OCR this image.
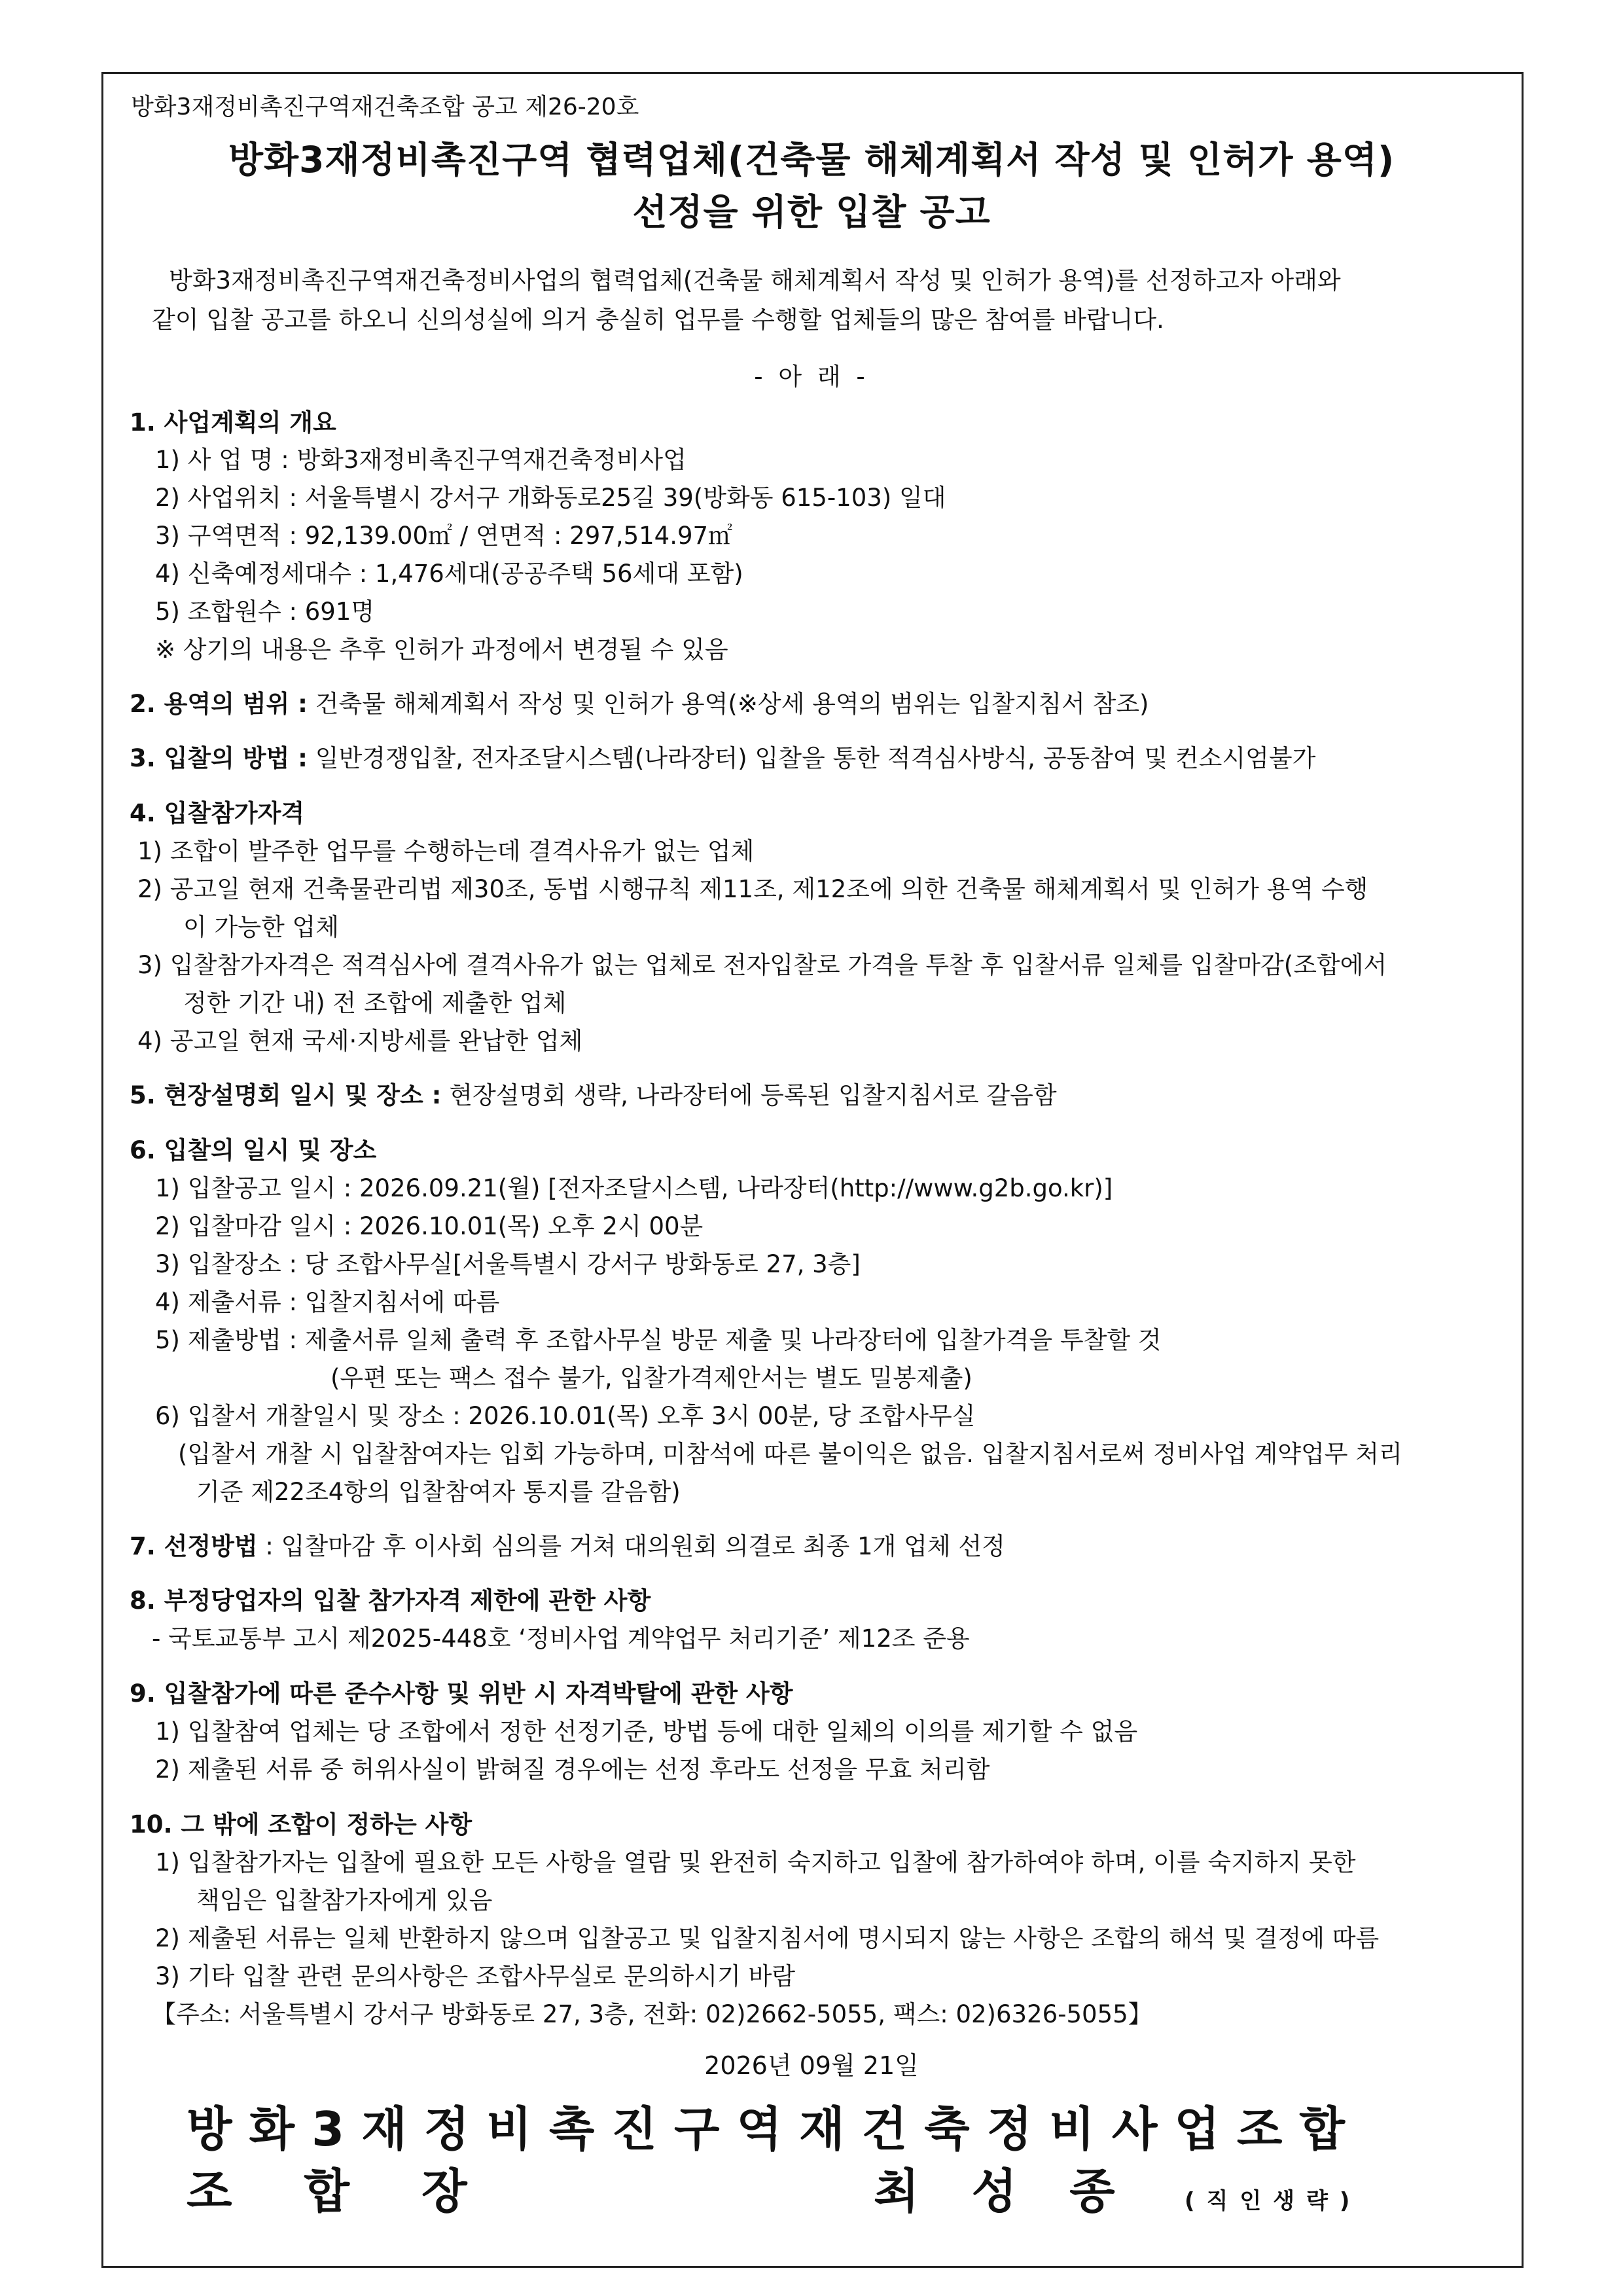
방화3재정비촉진구역재건축조합 공고 제26-20호
방화3재정비촉진구역 협력업체(건축물 해체계획서 작성 및 인허가 용역)
선정을 위한 입찰 공고
방화3재정비촉진구역재건축정비사업의 협력업체(건축물 해체계획서 작성 및 인허가 용역)를 선정하고자 아래와
같이 입찰 공고를 하오니 신의성실에 의거 충실히 업무를 수행할 업체들의 많은 참여를 바랍니다.
- 아 래 -
1. 사업계획의 개요
1) 사 업 명 : 방화3재정비촉진구역재건축정비사업
2) 사업위치 : 서울특별시 강서구 개화동로25길 39(방화동 615-103) 일대
3) 구역면적 : 92,139.00㎡ / 연면적 : 297,514.97㎡
4) 신축예정세대수 : 1,476세대(공공주택 56세대 포함)
5) 조합원수 : 691명
※ 상기의 내용은 추후 인허가 과정에서 변경될 수 있음
2. 용역의 범위 : 건축물 해체계획서 작성 및 인허가 용역(※상세 용역의 범위는 입찰지침서 참조)
3. 입찰의 방법 : 일반경쟁입찰, 전자조달시스템(나라장터) 입찰을 통한 적격심사방식, 공동참여 및 컨소시엄불가
4. 입찰참가자격
1) 조합이 발주한 업무를 수행하는데 결격사유가 없는 업체
2) 공고일 현재 건축물관리법 제30조, 동법 시행규칙 제11조, 제12조에 의한 건축물 해체계획서 및 인허가 용역 수행
이 가능한 업체
3) 입찰참가자격은 적격심사에 결격사유가 없는 업체로 전자입찰로 가격을 투찰 후 입찰서류 일체를 입찰마감(조합에서
정한 기간 내) 전 조합에 제출한 업체
4) 공고일 현재 국세·지방세를 완납한 업체
5. 현장설명회 일시 및 장소 : 현장설명회 생략, 나라장터에 등록된 입찰지침서로 갈음함
6. 입찰의 일시 및 장소
1) 입찰공고 일시 : 2026.09.21(월) [전자조달시스템, 나라장터(http://www.g2b.go.kr)]
2) 입찰마감 일시 : 2026.10.01(목) 오후 2시 00분
3) 입찰장소 : 당 조합사무실[서울특별시 강서구 방화동로 27, 3층]
4) 제출서류 : 입찰지침서에 따름
5) 제출방법 : 제출서류 일체 출력 후 조합사무실 방문 제출 및 나라장터에 입찰가격을 투찰할 것
(우편 또는 팩스 접수 불가, 입찰가격제안서는 별도 밀봉제출)
6) 입찰서 개찰일시 및 장소 : 2026.10.01(목) 오후 3시 00분, 당 조합사무실
(입찰서 개찰 시 입찰참여자는 입회 가능하며, 미참석에 따른 불이익은 없음. 입찰지침서로써 정비사업 계약업무 처리
기준 제22조4항의 입찰참여자 통지를 갈음함)
7. 선정방법 : 입찰마감 후 이사회 심의를 거쳐 대의원회 의결로 최종 1개 업체 선정
8. 부정당업자의 입찰 참가자격 제한에 관한 사항
- 국토교통부 고시 제2025-448호 ‘정비사업 계약업무 처리기준’ 제12조 준용
9. 입찰참가에 따른 준수사항 및 위반 시 자격박탈에 관한 사항
1) 입찰참여 업체는 당 조합에서 정한 선정기준, 방법 등에 대한 일체의 이의를 제기할 수 없음
2) 제출된 서류 중 허위사실이 밝혀질 경우에는 선정 후라도 선정을 무효 처리함
10. 그 밖에 조합이 정하는 사항
1) 입찰참가자는 입찰에 필요한 모든 사항을 열람 및 완전히 숙지하고 입찰에 참가하여야 하며, 이를 숙지하지 못한
책임은 입찰참가자에게 있음
2) 제출된 서류는 일체 반환하지 않으며 입찰공고 및 입찰지침서에 명시되지 않는 사항은 조합의 해석 및 결정에 따름
3) 기타 입찰 관련 문의사항은 조합사무실로 문의하시기 바람
【주소: 서울특별시 강서구 방화동로 27, 3층, 전화: 02)2662-5055, 팩스: 02)6326-5055】
2026년 09월 21일
방화3재정비촉진구역재건축정비사업조합
조합장	최성종 (직인생략)
